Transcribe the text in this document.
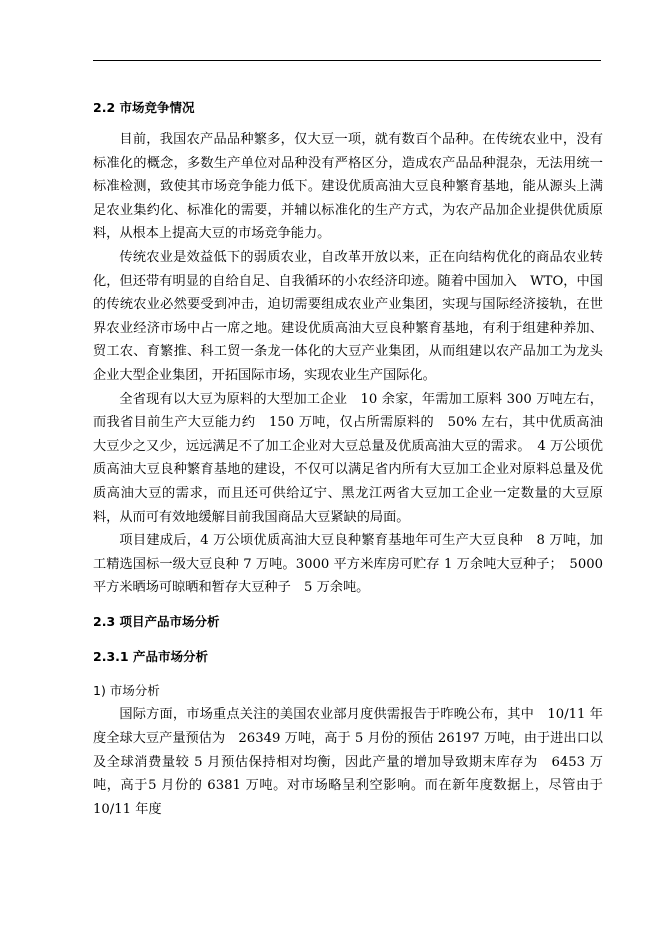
2.2 市场竞争情况

目前，我国农产品品种繁多，仅大豆一项，就有数百个品种。在传统农业中，没有标准化的概念，多数生产单位对品种没有严格区分，造成农产品品种混杂，无法用统一标准检测，致使其市场竞争能力低下。建设优质高油大豆良种繁育基地，能从源头上满足农业集约化、标准化的需要，并辅以标准化的生产方式，为农产品加企业提供优质原料，从根本上提高大豆的市场竞争能力。

传统农业是效益低下的弱质农业，自改革开放以来，正在向结构优化的商品农业转化，但还带有明显的自给自足、自我循环的小农经济印迹。随着中国加入　WTO，中国的传统农业必然要受到冲击，迫切需要组成农业产业集团，实现与国际经济接轨，在世界农业经济市场中占一席之地。建设优质高油大豆良种繁育基地，有利于组建种养加、贸工农、育繁推、科工贸一条龙一体化的大豆产业集团，从而组建以农产品加工为龙头企业大型企业集团，开拓国际市场，实现农业生产国际化。

全省现有以大豆为原料的大型加工企业　10 余家，年需加工原料 300 万吨左右，而我省目前生产大豆能力约　150 万吨，仅占所需原料的　50% 左右，其中优质高油大豆少之又少，远远满足不了加工企业对大豆总量及优质高油大豆的需求。　4 万公顷优质高油大豆良种繁育基地的建设，不仅可以满足省内所有大豆加工企业对原料总量及优质高油大豆的需求，而且还可供给辽宁、黑龙江两省大豆加工企业一定数量的大豆原料，从而可有效地缓解目前我国商品大豆紧缺的局面。

项目建成后，4 万公顷优质高油大豆良种繁育基地年可生产大豆良种　8 万吨，加工精选国标一级大豆良种 7 万吨。3000 平方米库房可贮存 1 万余吨大豆种子；　5000 平方米晒场可晾晒和暂存大豆种子　5 万余吨。

2.3 项目产品市场分析
2.3.1 产品市场分析

1) 市场分析

国际方面，市场重点关注的美国农业部月度供需报告于昨晚公布，其中　10/11 年度全球大豆产量预估为　26349 万吨，高于 5 月份的预估 26197 万吨，由于进出口以及全球消费量较 5 月预估保持相对均衡，因此产量的增加导致期末库存为　6453 万吨，高于5 月份的 6381 万吨。对市场略呈利空影响。而在新年度数据上，尽管由于　10/11 年度
